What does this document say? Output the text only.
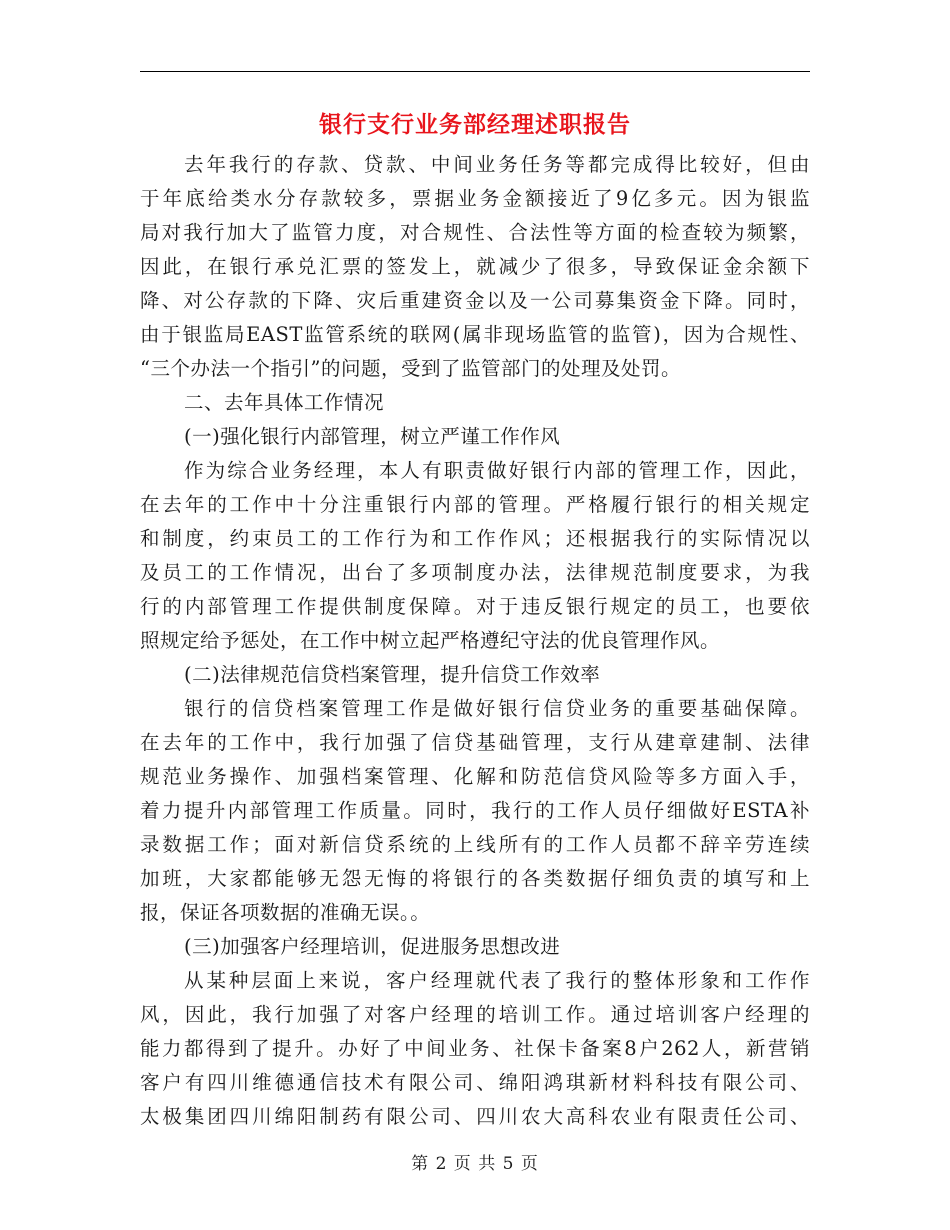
银行支行业务部经理述职报告
去年我行的存款、贷款、中间业务任务等都完成得比较好，但由
于年底给类水分存款较多，票据业务金额接近了9亿多元。因为银监
局对我行加大了监管力度，对合规性、合法性等方面的检查较为频繁，
因此，在银行承兑汇票的签发上，就减少了很多，导致保证金余额下
降、对公存款的下降、灾后重建资金以及一公司募集资金下降。同时，
由于银监局EAST监管系统的联网(属非现场监管的监管)，因为合规性、
“三个办法一个指引”的问题，受到了监管部门的处理及处罚。
二、去年具体工作情况
(一)强化银行内部管理，树立严谨工作作风
作为综合业务经理，本人有职责做好银行内部的管理工作，因此，
在去年的工作中十分注重银行内部的管理。严格履行银行的相关规定
和制度，约束员工的工作行为和工作作风；还根据我行的实际情况以
及员工的工作情况，出台了多项制度办法，法律规范制度要求，为我
行的内部管理工作提供制度保障。对于违反银行规定的员工，也要依
照规定给予惩处，在工作中树立起严格遵纪守法的优良管理作风。
(二)法律规范信贷档案管理，提升信贷工作效率
银行的信贷档案管理工作是做好银行信贷业务的重要基础保障。
在去年的工作中，我行加强了信贷基础管理，支行从建章建制、法律
规范业务操作、加强档案管理、化解和防范信贷风险等多方面入手，
着力提升内部管理工作质量。同时，我行的工作人员仔细做好ESTA补
录数据工作；面对新信贷系统的上线所有的工作人员都不辞辛劳连续
加班，大家都能够无怨无悔的将银行的各类数据仔细负责的填写和上
报，保证各项数据的准确无误。。
(三)加强客户经理培训，促进服务思想改进
从某种层面上来说，客户经理就代表了我行的整体形象和工作作
风，因此，我行加强了对客户经理的培训工作。通过培训客户经理的
能力都得到了提升。办好了中间业务、社保卡备案8户262人，新营销
客户有四川维德通信技术有限公司、绵阳鸿琪新材料科技有限公司、
太极集团四川绵阳制药有限公司、四川农大高科农业有限责任公司、
第 2 页 共 5 页
